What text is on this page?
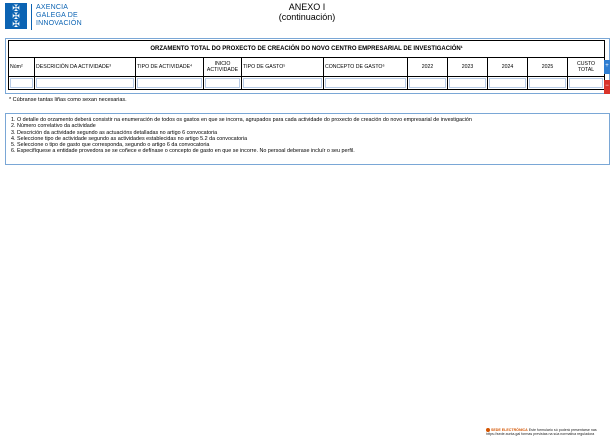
✠
✠
✠
AXENCIA
GALEGA DE
INNOVACIÓN
ANEXO I
(continuación)
ORZAMENTO TOTAL DO PROXECTO DE CREACIÓN DO NOVO CENTRO EMPRESARIAL DE INVESTIGACIÓN¹										
Núm²	DESCRICIÓN DA ACTIVIDADE³	TIPO DE ACTIVIDADE⁴	INICIO ACTIVIDADE	TIPO DE GASTO⁵	CONCEPTO DE GASTO⁶	2022	2023	2024	2025	CUSTO TOTAL

+
−
* Cúbranse tantas liñas como sexan necesarias.
1. O detalle do orzamento deberá consistir na enumeración de todos os gastos en que se incorra, agrupados para cada actividade do proxecto de creación do novo empresarial de investigación
2. Número correlativo da actividade
3. Descrición da actividade segundo as actuacións detalladas no artigo 6 convocatoria
4. Seleccione tipo de actividade segundo as actividades establecidas no artigo 5.2 da convocatoria
5. Seleccione o tipo de gasto que corresponda, segundo o artigo 6 da convocatoria
6. Especifíquese a entidade provedora se se coñece e defínase o concepto de gasto en que se incorre. No persoal deberase incluír o seu perfil.
SEDE ELECTRÓNICA Este formulario só poderá presentarse nas
https://sede.xunta.gal formas previstas na súa normativa reguladora
